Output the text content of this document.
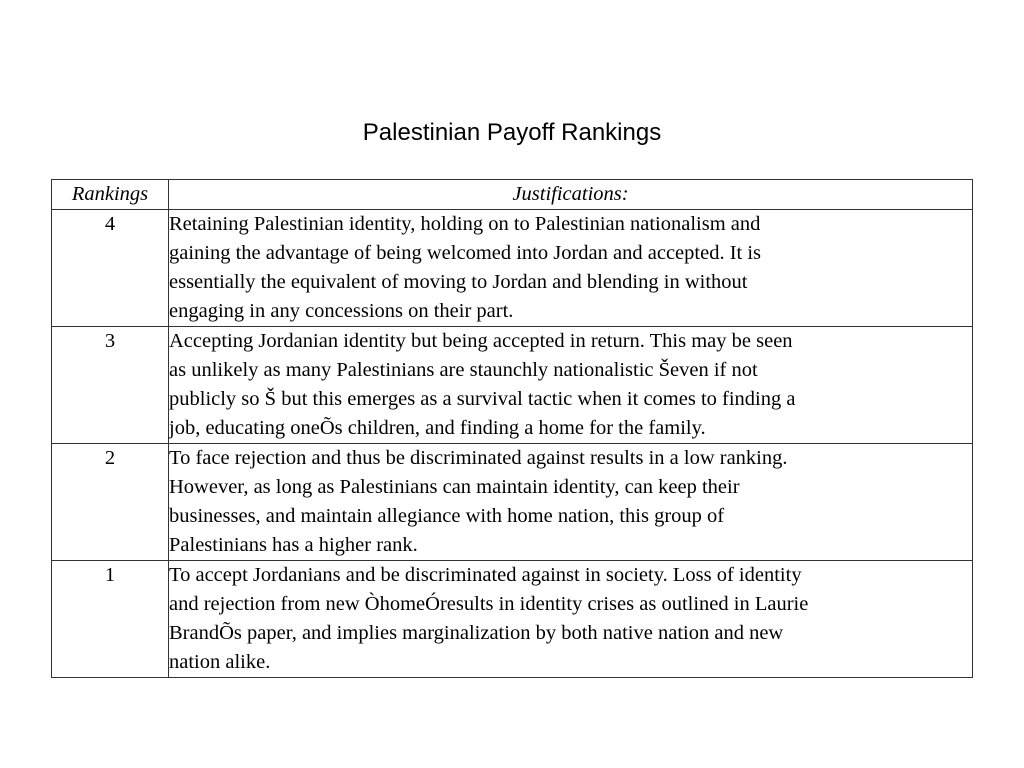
Palestinian Payoff Rankings
Rankings	Justifications:
4	Retaining Palestinian identity, holding on to Palestinian nationalism and
gaining the advantage of being welcomed into Jordan and accepted. It is
essentially the equivalent of moving to Jordan and blending in without
engaging in any concessions on their part.

3	Accepting Jordanian identity but being accepted in return. This may be seen
as unlikely as many Palestinians are staunchly nationalistic Ševen if not
publicly so Š but this emerges as a survival tactic when it comes to finding a
job, educating oneÕs children, and finding a home for the family.

2	To face rejection and thus be discriminated against results in a low ranking.
However, as long as Palestinians can maintain identity, can keep their
businesses, and maintain allegiance with home nation, this group of
Palestinians has a higher rank.

1	To accept Jordanians and be discriminated against in society. Loss of identity
and rejection from new ÒhomeÓresults in identity crises as outlined in Laurie
BrandÕs paper, and implies marginalization by both native nation and new
nation alike.
